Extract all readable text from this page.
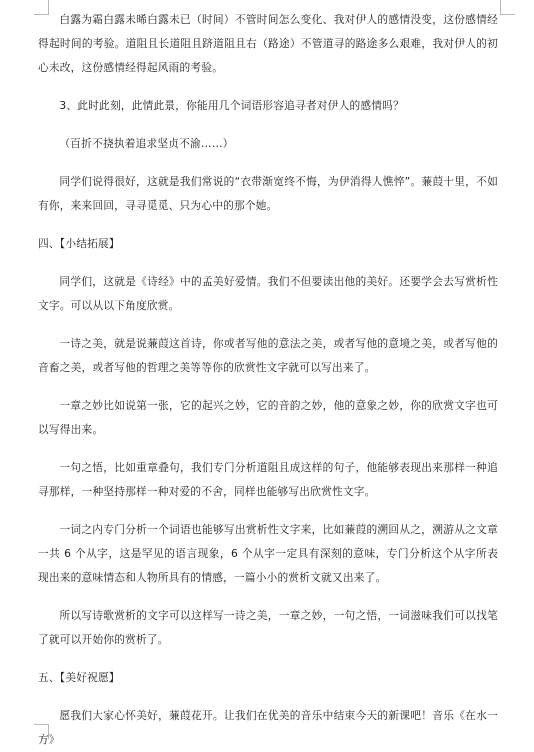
白露为霜白露未晞白露未已（时间）不管时间怎么变化、我对伊人的感情没变，这份感情经得起时间的考验。道阻且长道阻且跻道阻且右（路途）不管道寻的路途多么艰难，我对伊人的初心未改，这份感情经得起风雨的考验。

3、此时此刻，此情此景，你能用几个词语形容追寻者对伊人的感情吗？

（百折不挠执着追求坚贞不渝……）

同学们说得很好，这就是我们常说的“衣带渐宽终不悔，为伊消得人憔悴”。蒹葭十里，不如有你，来来回回，寻寻觅觅、只为心中的那个她。

四、【小结拓展】

同学们，这就是《诗经》中的孟美好爱情。我们不但要读出他的美好。还要学会去写赏析性文字。可以从以下角度欣赏。

一诗之美，就是说蒹葭这首诗，你或者写他的意法之美，或者写他的意境之美，或者写他的音畜之美，或者写他的哲理之美等等你的欣赏性文字就可以写出来了。

一章之妙比如说第一张，它的起兴之妙，它的音韵之妙，他的意象之妙，你的欣赏文字也可以写得出来。

一句之悟，比如重章叠句，我们专门分析道阻且成这样的句子，他能够表现出来那样一种追寻那样，一种坚持那样一种对爱的不舍，同样也能够写出欣赏性文字。

一词之内专门分析一个词语也能够写出赏析性文字来，比如蒹葭的溯回从之，溯游从之文章一共 6 个从字，这是罕见的语言现象，6 个从字一定具有深刻的意味，专门分析这个从字所表现出来的意味情态和人物所具有的情感，一篇小小的赏析文就又出来了。

所以写诗歌赏析的文字可以这样写一诗之美，一章之妙，一句之悟，一词滋味我们可以找笔了就可以开始你的赏析了。

五、【美好祝愿】

愿我们大家心怀美好，蒹葭花开。让我们在优美的音乐中结束今天的新课吧！音乐《在水一方》
